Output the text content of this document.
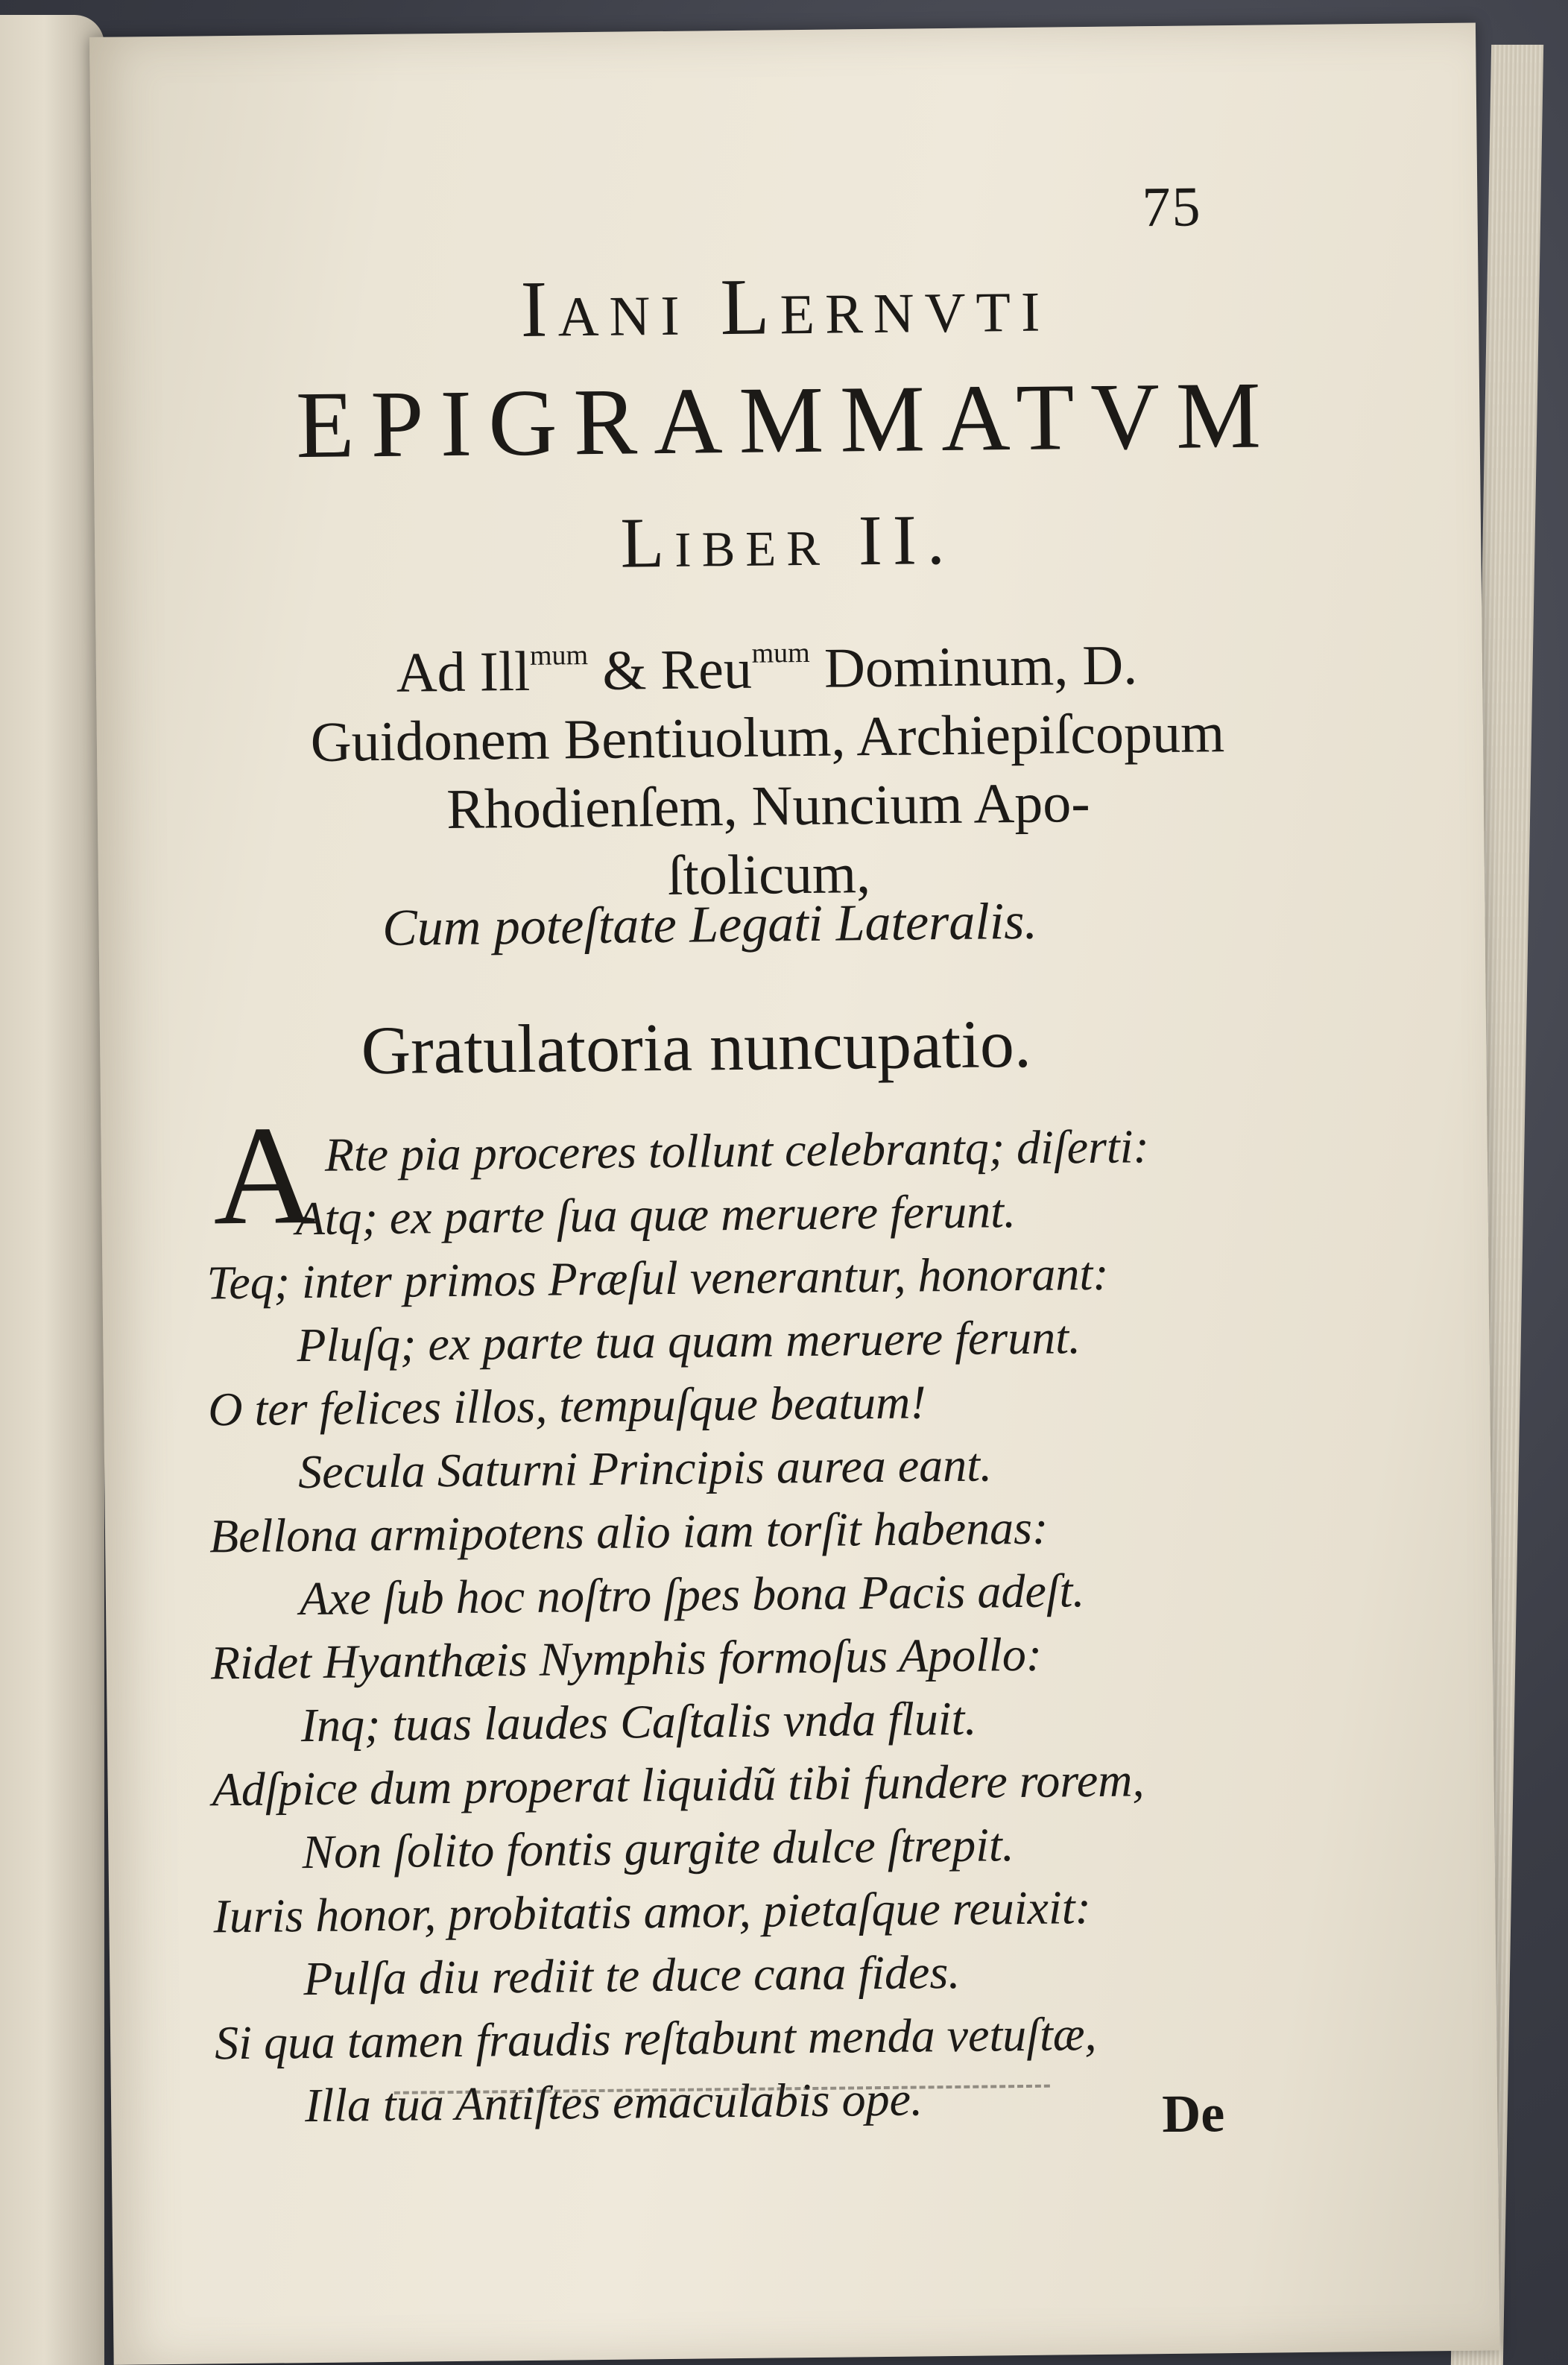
75
Iani Lernvti
EPIGRAMMATVM
Liber II.
Ad Ill$^{mum}$ & Reu$^{mum}$ Dominum, D.
Guidonem Bentiuolum, Archiepiſcopum
Rhodienſem, Nuncium Apo-
ſtolicum,
Cum poteſtate Legati Lateralis.
Gratulatoria nuncupatio.
A Rte pia proceres tollunt celebrantq; diſerti:
Atq; ex parte ſua quæ meruere ferunt.
Teq; inter primos Præſul venerantur, honorant:
Pluſq; ex parte tua quam meruere ferunt.
O ter felices illos, tempuſque beatum!
Secula Saturni Principis aurea eant.
Bellona armipotens alio iam torſit habenas:
Axe ſub hoc noſtro ſpes bona Pacis adeſt.
Ridet Hyanthæis Nymphis formoſus Apollo:
Inq; tuas laudes Caſtalis vnda fluit.
Adſpice dum properat liquidũ tibi fundere rorem,
Non ſolito fontis gurgite dulce ſtrepit.
Iuris honor, probitatis amor, pietaſque reuixit:
Pulſa diu rediit te duce cana fides.
Si qua tamen fraudis reſtabunt menda vetuſtæ,
Illa tua Antiſtes emaculabis ope.	De
